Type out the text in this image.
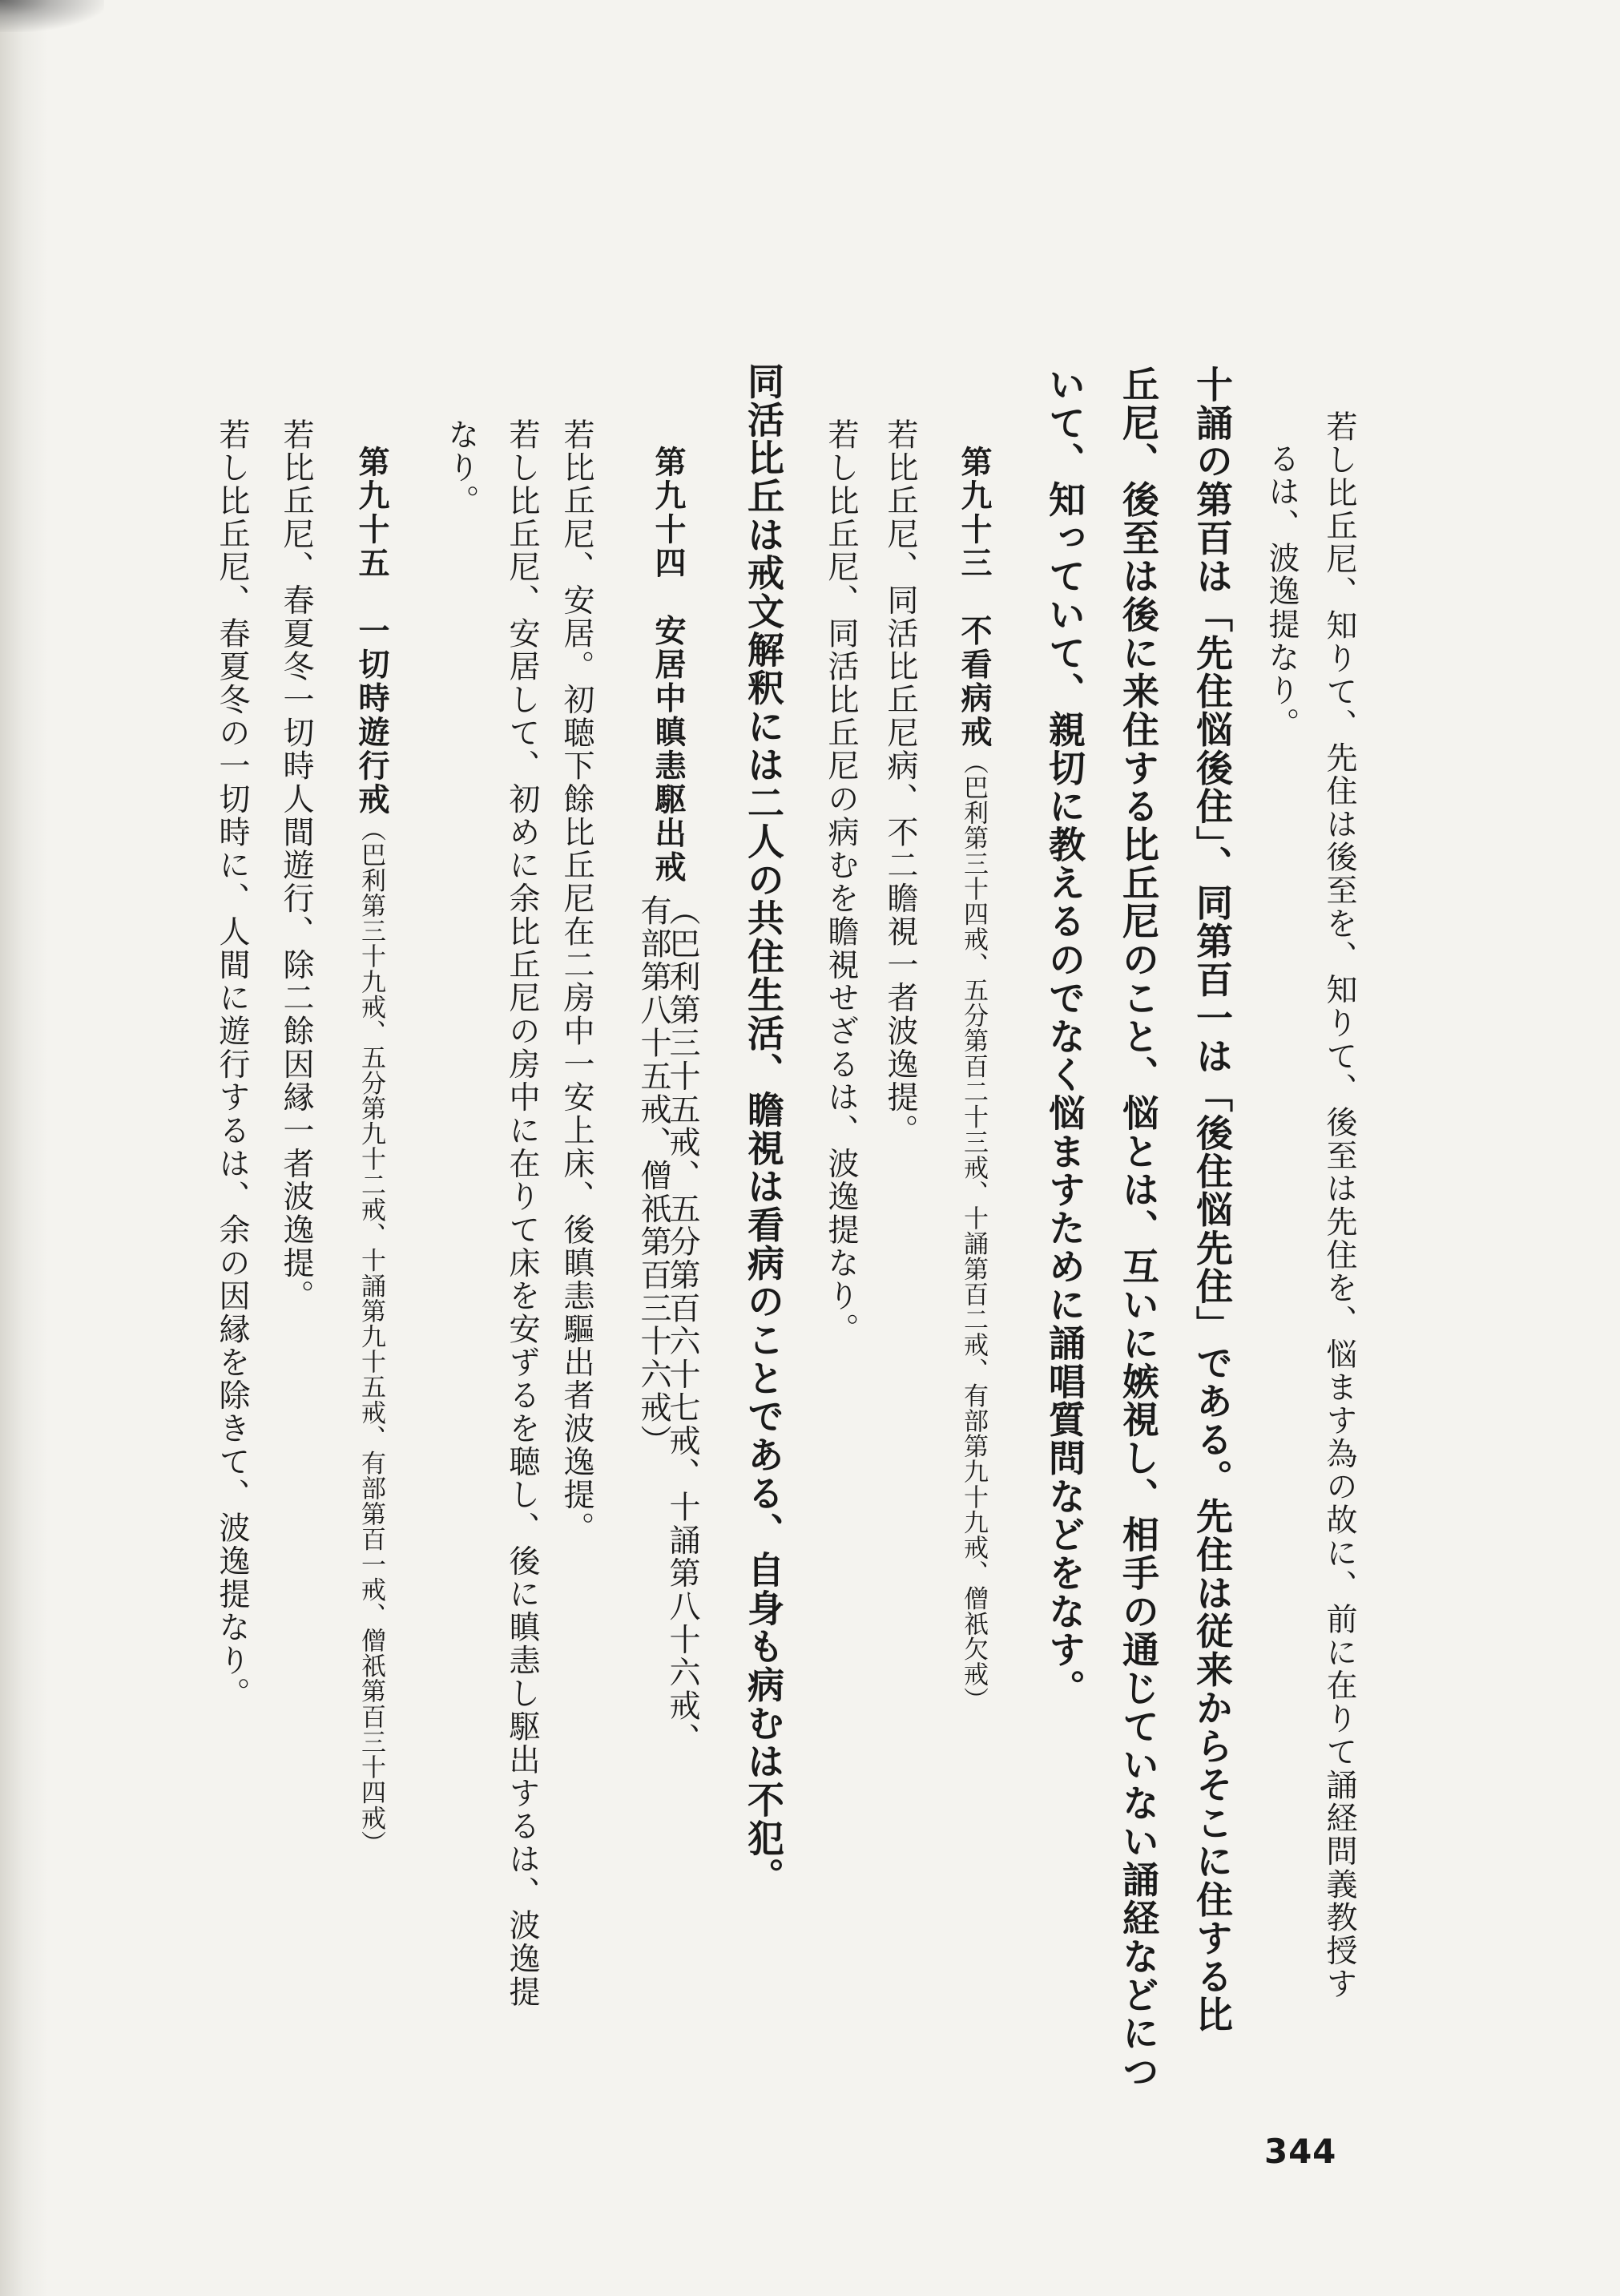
若し比丘尼、知りて、先住は後至を、知りて、後至は先住を、悩ます為の故に、前に在りて誦経問義教授す
るは、波逸提なり。
十誦の第百は「先住悩後住」、同第百一は「後住悩先住」である。先住は従来からそこに住する比
丘尼、後至は後に来住する比丘尼のこと、悩とは、互いに嫉視し、相手の通じていない誦経などにつ
いて、知っていて、親切に教えるのでなく悩ますために誦唱質問などをなす。
第九十三　不看病戒（巴利第三十四戒、五分第百二十三戒、十誦第百二戒、有部第九十九戒、僧祇欠戒）
若比丘尼、同活比丘尼病、不二瞻視一者波逸提。
若し比丘尼、同活比丘尼の病むを瞻視せざるは、波逸提なり。
同活比丘は戒文解釈には二人の共住生活、瞻視は看病のことである、自身も病むは不犯。
第九十四　安居中瞋恚駆出戒
（巴利第三十五戒、五分第百六十七戒、十誦第八十六戒、
有部第八十五戒、僧祇第百三十六戒）
若比丘尼、安居。初聴下餘比丘尼在二房中一安上床、後瞋恚驅出者波逸提。
若し比丘尼、安居して、初めに余比丘尼の房中に在りて床を安ずるを聴し、後に瞋恚し駆出するは、波逸提
なり。
第九十五　一切時遊行戒（巴利第三十九戒、五分第九十二戒、十誦第九十五戒、有部第百一戒、僧祇第百三十四戒）
若比丘尼、春夏冬一切時人間遊行、除二餘因縁一者波逸提。
若し比丘尼、春夏冬の一切時に、人間に遊行するは、余の因縁を除きて、波逸提なり。
344
